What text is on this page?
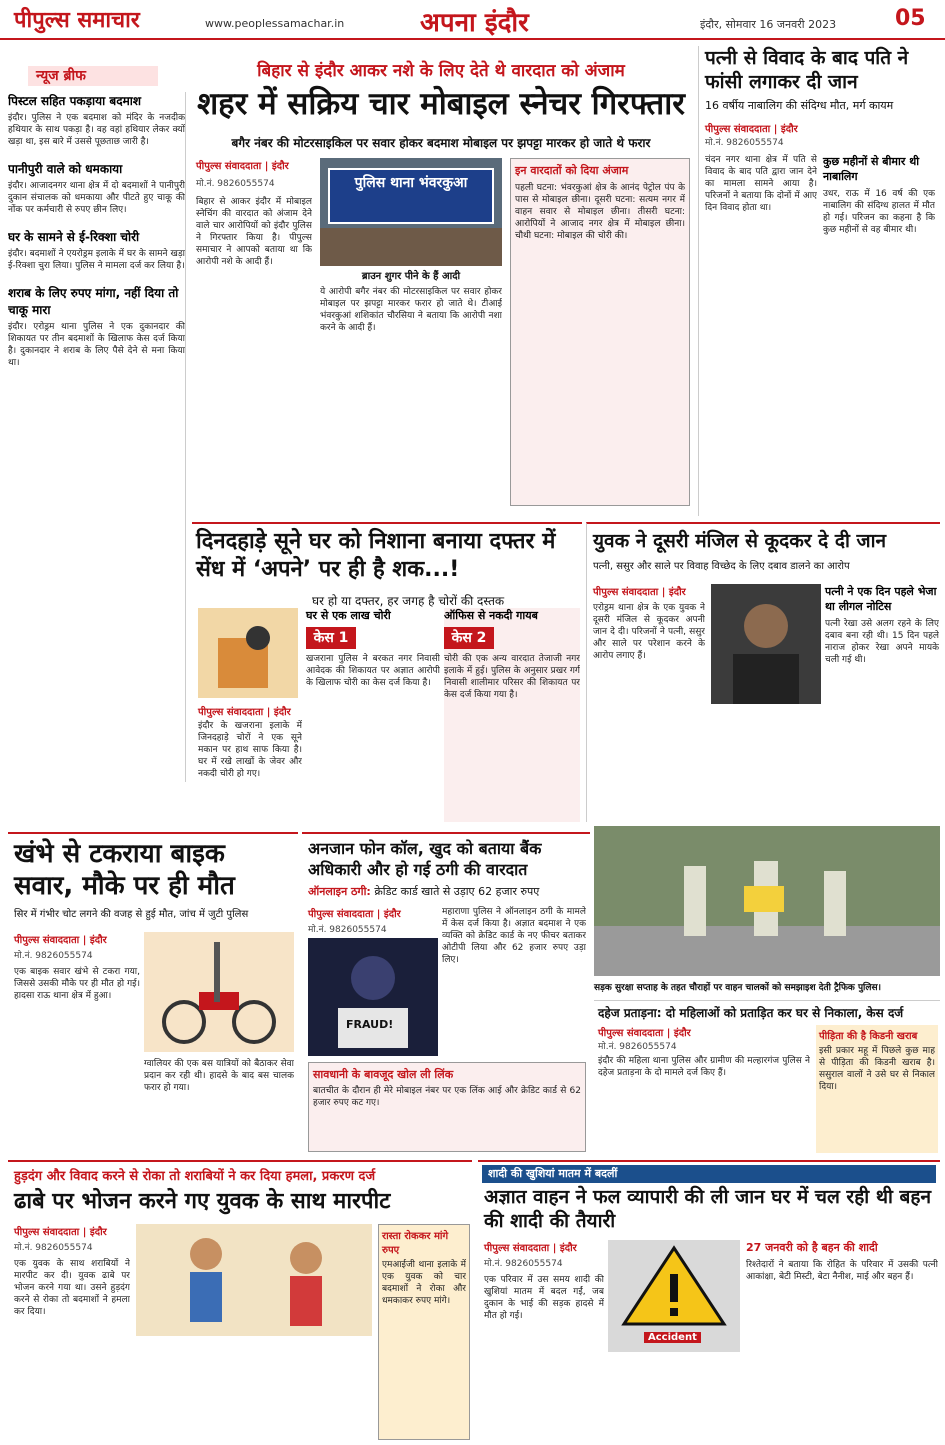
पीपुल्स समाचार	www.peoplessamachar.in	अपना इंदौर	इंदौर, सोमवार 16 जनवरी 2023	05
न्यूज ब्रीफ
पिस्टल सहित पकड़ाया बदमाश
इंदौर। पुलिस ने एक बदमाश को मंदिर के नजदीक हथियार के साथ पकड़ा है। वह वहां हथियार लेकर क्यों खड़ा था, इस बारे में उससे पूछताछ जारी है।
पानीपुरी वाले को धमकाया
इंदौर। आजादनगर थाना क्षेत्र में दो बदमाशों ने पानीपुरी दुकान संचालक को धमकाया और पीटते हुए चाकू की नोंक पर कर्मचारी से रुपए छीन लिए।
घर के सामने से ई-रिक्शा चोरी
इंदौर। बदमाशों ने एयरोड्रम इलाके में घर के सामने खड़ा ई-रिक्शा चुरा लिया। पुलिस ने मामला दर्ज कर लिया है।
शराब के लिए रुपए मांगा, नहीं दिया तो चाकू मारा
इंदौर। एरोड्रम थाना पुलिस ने एक दुकानदार की शिकायत पर तीन बदमाशों के खिलाफ केस दर्ज किया है। दुकानदार ने शराब के लिए पैसे देने से मना किया था।
बिहार से इंदौर आकर नशे के लिए देते थे वारदात को अंजाम
शहर में सक्रिय चार मोबाइल स्नेचर गिरफ्तार
बगैर नंबर की मोटरसाइकिल पर सवार होकर बदमाश मोबाइल पर झपट्टा मारकर हो जाते थे फरार
पीपुल्स संवाददाता | इंदौर
मो.नं. 9826055574
बिहार से आकर इंदौर में मोबाइल स्नेचिंग की वारदात को अंजाम देने वाले चार आरोपियों को इंदौर पुलिस ने गिरफ्तार किया है। पीपुल्स समाचार ने आपको बताया था कि आरोपी नशे के आदी हैं।
पुलिस थाना भंवरकुआ
ब्राउन शुगर पीने के हैं आदी
ये आरोपी बगैर नंबर की मोटरसाइकिल पर सवार होकर मोबाइल पर झपट्टा मारकर फरार हो जाते थे। टीआई भंवरकुआं शशिकांत चौरसिया ने बताया कि आरोपी नशा करने के आदी हैं।
इन वारदातों को दिया अंजाम
पहली घटना: भंवरकुआं क्षेत्र के आनंद पेट्रोल पंप के पास से मोबाइल छीना। दूसरी घटना: सत्यम नगर में वाहन सवार से मोबाइल छीना। तीसरी घटना: आरोपियों ने आजाद नगर क्षेत्र में मोबाइल छीना। चौथी घटना: मोबाइल की चोरी की।
पत्नी से विवाद के बाद पति ने फांसी लगाकर दी जान
16 वर्षीय नाबालिग की संदिग्ध मौत, मर्ग कायम
पीपुल्स संवाददाता | इंदौर
मो.नं. 9826055574
चंदन नगर थाना क्षेत्र में पति से विवाद के बाद पति द्वारा जान देने का मामला सामने आया है। परिजनों ने बताया कि दोनों में आए दिन विवाद होता था।
कुछ महीनों से बीमार थी नाबालिग
उधर, राऊ में 16 वर्ष की एक नाबालिग की संदिग्ध हालत में मौत हो गई। परिजन का कहना है कि कुछ महीनों से वह बीमार थी।
दिनदहाड़े सूने घर को निशाना बनाया दफ्तर में सेंध में ‘अपने’ पर ही है शक...!
घर हो या दफ्तर, हर जगह है चोरों की दस्तक
पीपुल्स संवाददाता | इंदौर
इंदौर के खजराना इलाके में जिनदहाड़े चोरों ने एक सूने मकान पर हाथ साफ किया है। घर में रखे लाखों के जेवर और नकदी चोरी हो गए।
घर से एक लाख चोरी
केस 1
खजराना पुलिस ने बरकत नगर निवासी आवेदक की शिकायत पर अज्ञात आरोपी के खिलाफ चोरी का केस दर्ज किया है।
ऑफिस से नकदी गायब
केस 2
चोरी की एक अन्य वारदात तेजाजी नगर इलाके में हुई। पुलिस के अनुसार प्रखर गर्ग निवासी शालीमार परिसर की शिकायत पर केस दर्ज किया गया है।
युवक ने दूसरी मंजिल से कूदकर दे दी जान
पत्नी, ससुर और साले पर विवाह विच्छेद के लिए दबाव डालने का आरोप
पीपुल्स संवाददाता | इंदौर
एरोड्रम थाना क्षेत्र के एक युवक ने दूसरी मंजिल से कूदकर अपनी जान दे दी। परिजनों ने पत्नी, ससुर और साले पर परेशान करने के आरोप लगाए हैं।
पत्नी ने एक दिन पहले भेजा था लीगल नोटिस
पत्नी रेखा उसे अलग रहने के लिए दबाव बना रही थी। 15 दिन पहले नाराज होकर रेखा अपने मायके चली गई थी।
खंभे से टकराया बाइक सवार, मौके पर ही मौत
सिर में गंभीर चोट लगने की वजह से हुई मौत, जांच में जुटी पुलिस
पीपुल्स संवाददाता | इंदौर
मो.नं. 9826055574
एक बाइक सवार खंभे से टकरा गया, जिससे उसकी मौके पर ही मौत हो गई। हादसा राऊ थाना क्षेत्र में हुआ।
ग्वालियर की एक बस यात्रियों को बैठाकर सेवा प्रदान कर रही थी। हादसे के बाद बस चालक फरार हो गया।
अनजान फोन कॉल, खुद को बताया बैंक अधिकारी और हो गई ठगी की वारदात
ऑनलाइन ठगी: क्रेडिट कार्ड खाते से उड़ाए 62 हजार रुपए
पीपुल्स संवाददाता | इंदौर
मो.नं. 9826055574
FRAUD!
महाराणा पुलिस ने ऑनलाइन ठगी के मामले में केस दर्ज किया है। अज्ञात बदमाश ने एक व्यक्ति को क्रेडिट कार्ड के नए फीचर बताकर ओटीपी लिया और 62 हजार रुपए उड़ा लिए।
सावधानी के बावजूद खोल ली लिंक
बातचीत के दौरान ही मेरे मोबाइल नंबर पर एक लिंक आई और क्रेडिट कार्ड से 62 हजार रुपए कट गए।
सड़क सुरक्षा सप्ताह के तहत चौराहों पर वाहन चालकों को समझाइश देती ट्रैफिक पुलिस।
दहेज प्रताड़ना: दो महिलाओं को प्रताड़ित कर घर से निकाला, केस दर्ज
पीपुल्स संवाददाता | इंदौर
मो.नं. 9826055574
इंदौर की महिला थाना पुलिस और ग्रामीण की मल्हारगंज पुलिस ने दहेज प्रताड़ना के दो मामले दर्ज किए हैं।
पीड़िता की है किडनी खराब
इसी प्रकार महू में पिछले कुछ माह से पीड़िता की किडनी खराब है। ससुराल वालों ने उसे घर से निकाल दिया।
हुड़दंग और विवाद करने से रोका तो शराबियों ने कर दिया हमला, प्रकरण दर्ज
ढाबे पर भोजन करने गए युवक के साथ मारपीट
पीपुल्स संवाददाता | इंदौर
मो.नं. 9826055574
एक युवक के साथ शराबियों ने मारपीट कर दी। युवक ढाबे पर भोजन करने गया था। उसने हुड़दंग करने से रोका तो बदमाशों ने हमला कर दिया।
रास्ता रोककर मांगे रुपए
एमआईजी थाना इलाके में एक युवक को चार बदमाशों ने रोका और धमकाकर रुपए मांगे।
शादी की खुशियां मातम में बदलीं
अज्ञात वाहन ने फल व्यापारी की ली जान घर में चल रही थी बहन की शादी की तैयारी
पीपुल्स संवाददाता | इंदौर
मो.नं. 9826055574
एक परिवार में उस समय शादी की खुशियां मातम में बदल गईं, जब दुकान के भाई की सड़क हादसे में मौत हो गई।
Accident
27 जनवरी को है बहन की शादी
रिश्तेदारों ने बताया कि रोहित के परिवार में उसकी पत्नी आकांक्षा, बेटी मिस्टी, बेटा नैनीश, माई और बहन हैं।
